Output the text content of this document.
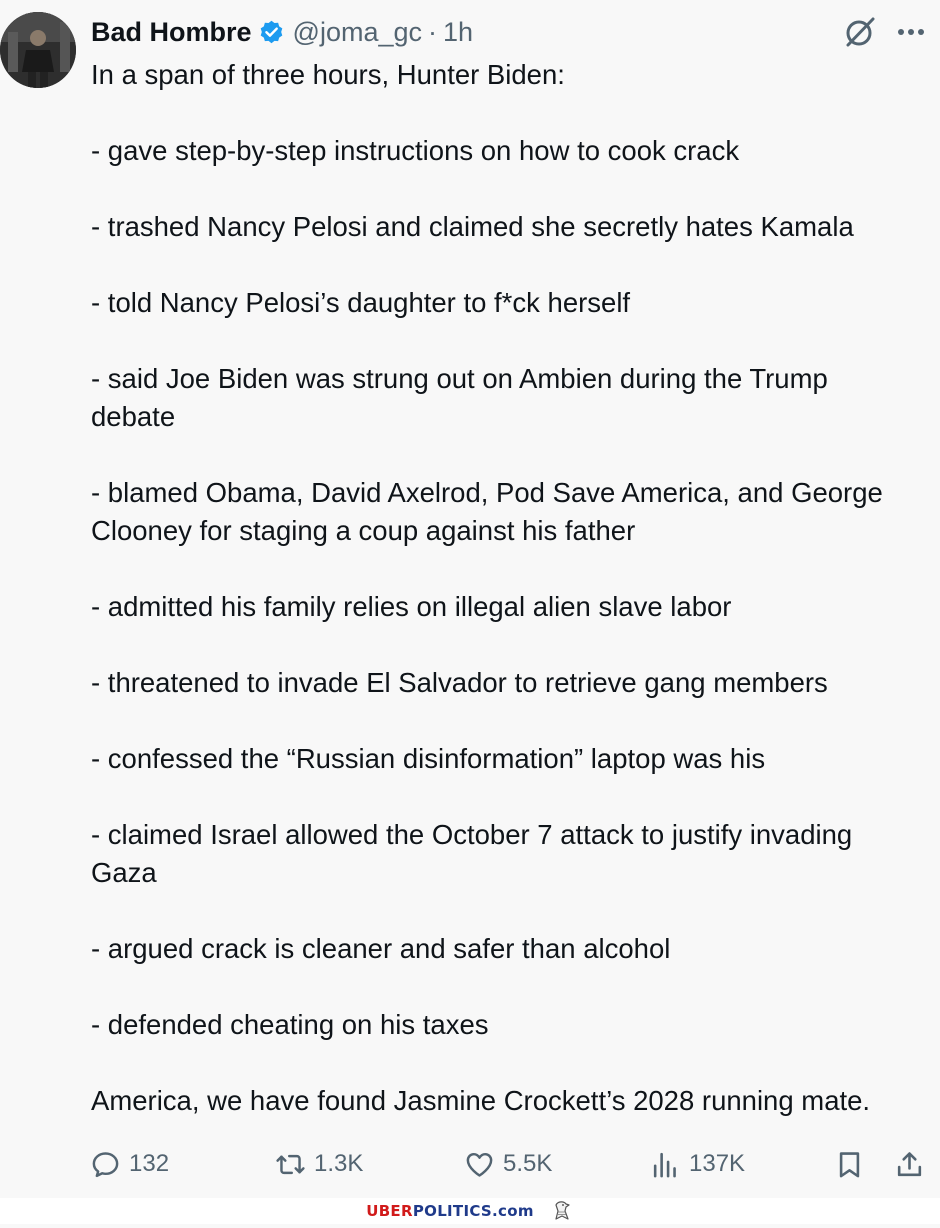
Bad Hombre @joma_gc · 1h

In a span of three hours, Hunter Biden:

- gave step-by-step instructions on how to cook crack

- trashed Nancy Pelosi and claimed she secretly hates Kamala

- told Nancy Pelosi’s daughter to f*ck herself

- said Joe Biden was strung out on Ambien during the Trump

debate

- blamed Obama, David Axelrod, Pod Save America, and George

Clooney for staging a coup against his father

- admitted his family relies on illegal alien slave labor

- threatened to invade El Salvador to retrieve gang members

- confessed the “Russian disinformation” laptop was his

- claimed Israel allowed the October 7 attack to justify invading

Gaza

- argued crack is cleaner and safer than alcohol

- defended cheating on his taxes

America, we have found Jasmine Crockett’s 2028 running mate.

132	1.3K	5.5K	137K
UBERPOLITICS.com
